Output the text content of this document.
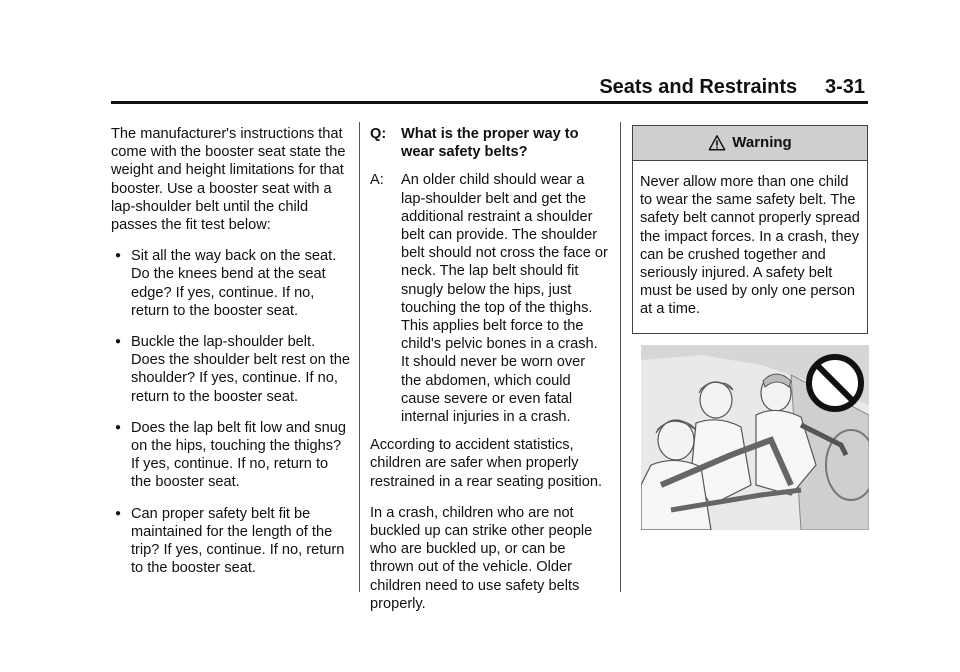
Seats and Restraints 3-31

The manufacturer's instructions that come with the booster seat state the weight and height limitations for that booster. Use a booster seat with a lap-shoulder belt until the child passes the fit test below:

● Sit all the way back on the seat. Do the knees bend at the seat edge? If yes, continue. If no, return to the booster seat.
● Buckle the lap-shoulder belt. Does the shoulder belt rest on the shoulder? If yes, continue. If no, return to the booster seat.
● Does the lap belt fit low and snug on the hips, touching the thighs? If yes, continue. If no, return to the booster seat.
● Can proper safety belt fit be maintained for the length of the trip? If yes, continue. If no, return to the booster seat.
Q:	What is the proper way to wear safety belts?
A:	An older child should wear a lap-shoulder belt and get the additional restraint a shoulder belt can provide. The shoulder belt should not cross the face or neck. The lap belt should fit snugly below the hips, just touching the top of the thighs. This applies belt force to the child's pelvic bones in a crash. It should never be worn over the abdomen, which could cause severe or even fatal internal injuries in a crash.

According to accident statistics, children are safer when properly restrained in a rear seating position.

In a crash, children who are not buckled up can strike other people who are buckled up, or can be thrown out of the vehicle. Older children need to use safety belts properly.

Warning
Never allow more than one child to wear the same safety belt. The safety belt cannot properly spread the impact forces. In a crash, they can be crushed together and seriously injured. A safety belt must be used by only one person at a time.
